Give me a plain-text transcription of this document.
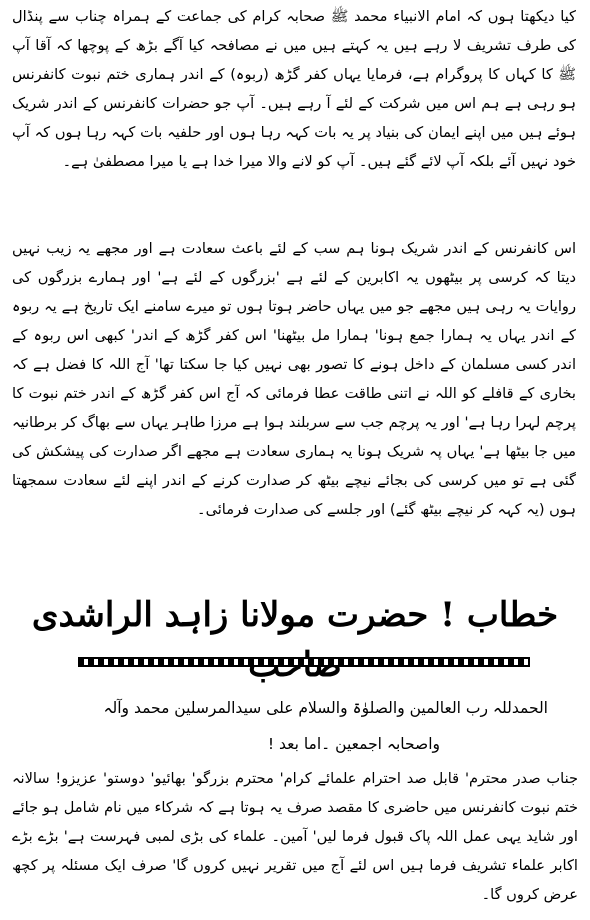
کیا دیکھتا ہوں کہ امام الانبیاء محمد ﷺ صحابہ کرام کی جماعت کے ہمراہ چناب سے پنڈال کی طرف تشریف لا رہے ہیں یہ کہتے ہیں میں نے مصافحہ کیا آگے بڑھ کے پوچھا کہ آقا آپ ﷺ کا کہاں کا پروگرام ہے، فرمایا یہاں کفر گڑھ (ربوہ) کے اندر ہماری ختم نبوت کانفرنس ہو رہی ہے ہم اس میں شرکت کے لئے آ رہے ہیں۔ آپ جو حضرات کانفرنس کے اندر شریک ہوئے ہیں میں اپنے ایمان کی بنیاد پر یہ بات کہہ رہا ہوں اور حلفیہ بات کہہ رہا ہوں کہ آپ خود نہیں آئے بلکہ آپ لائے گئے ہیں۔ آپ کو لانے والا میرا خدا ہے یا میرا مصطفیٰ ہے۔

اس کانفرنس کے اندر شریک ہونا ہم سب کے لئے باعث سعادت ہے اور مجھے یہ زیب نہیں دیتا کہ کرسی پر بیٹھوں یہ اکابرین کے لئے ہے 'بزرگوں کے لئے ہے' اور ہمارے بزرگوں کی روایات یہ رہی ہیں مجھے جو میں یہاں حاضر ہوتا ہوں تو میرے سامنے ایک تاریخ ہے یہ ربوہ کے اندر یہاں یہ ہمارا جمع ہونا' ہمارا مل بیٹھنا' اس کفر گڑھ کے اندر' کبھی اس ربوہ کے اندر کسی مسلمان کے داخل ہونے کا تصور بھی نہیں کیا جا سکتا تھا' آج اللہ کا فضل ہے کہ بخاری کے قافلے کو اللہ نے اتنی طاقت عطا فرمائی کہ آج اس کفر گڑھ کے اندر ختم نبوت کا پرچم لہرا رہا ہے' اور یہ پرچم جب سے سربلند ہوا ہے مرزا طاہر یہاں سے بھاگ کر برطانیہ میں جا بیٹھا ہے' یہاں پہ شریک ہونا یہ ہماری سعادت ہے مجھے اگر صدارت کی پیشکش کی گئی ہے تو میں کرسی کی بجائے نیچے بیٹھ کر صدارت کرنے کے اندر اپنے لئے سعادت سمجھتا ہوں (یہ کہہ کر نیچے بیٹھ گئے) اور جلسے کی صدارت فرمائی۔

خطاب ! حضرت مولانا زاہد الراشدی
الحمدللہ رب العالمین والصلوٰۃ والسلام علی سیدالمرسلین محمد وآلہ
واصحابہ اجمعین ۔اما بعد !

جناب صدر محترم' قابل صد احترام علمائے کرام' محترم بزرگو' بھائیو' دوستو' عزیزو! سالانہ ختم نبوت کانفرنس میں حاضری کا مقصد صرف یہ ہوتا ہے کہ شرکاء میں نام شامل ہو جائے اور شاید یہی عمل اللہ پاک قبول فرما لیں' آمین۔ علماء کی بڑی لمبی فہرست ہے' بڑے بڑے اکابر علماء تشریف فرما ہیں اس لئے آج میں تقریر نہیں کروں گا' صرف ایک مسئلہ پر کچھ عرض کروں گا۔
